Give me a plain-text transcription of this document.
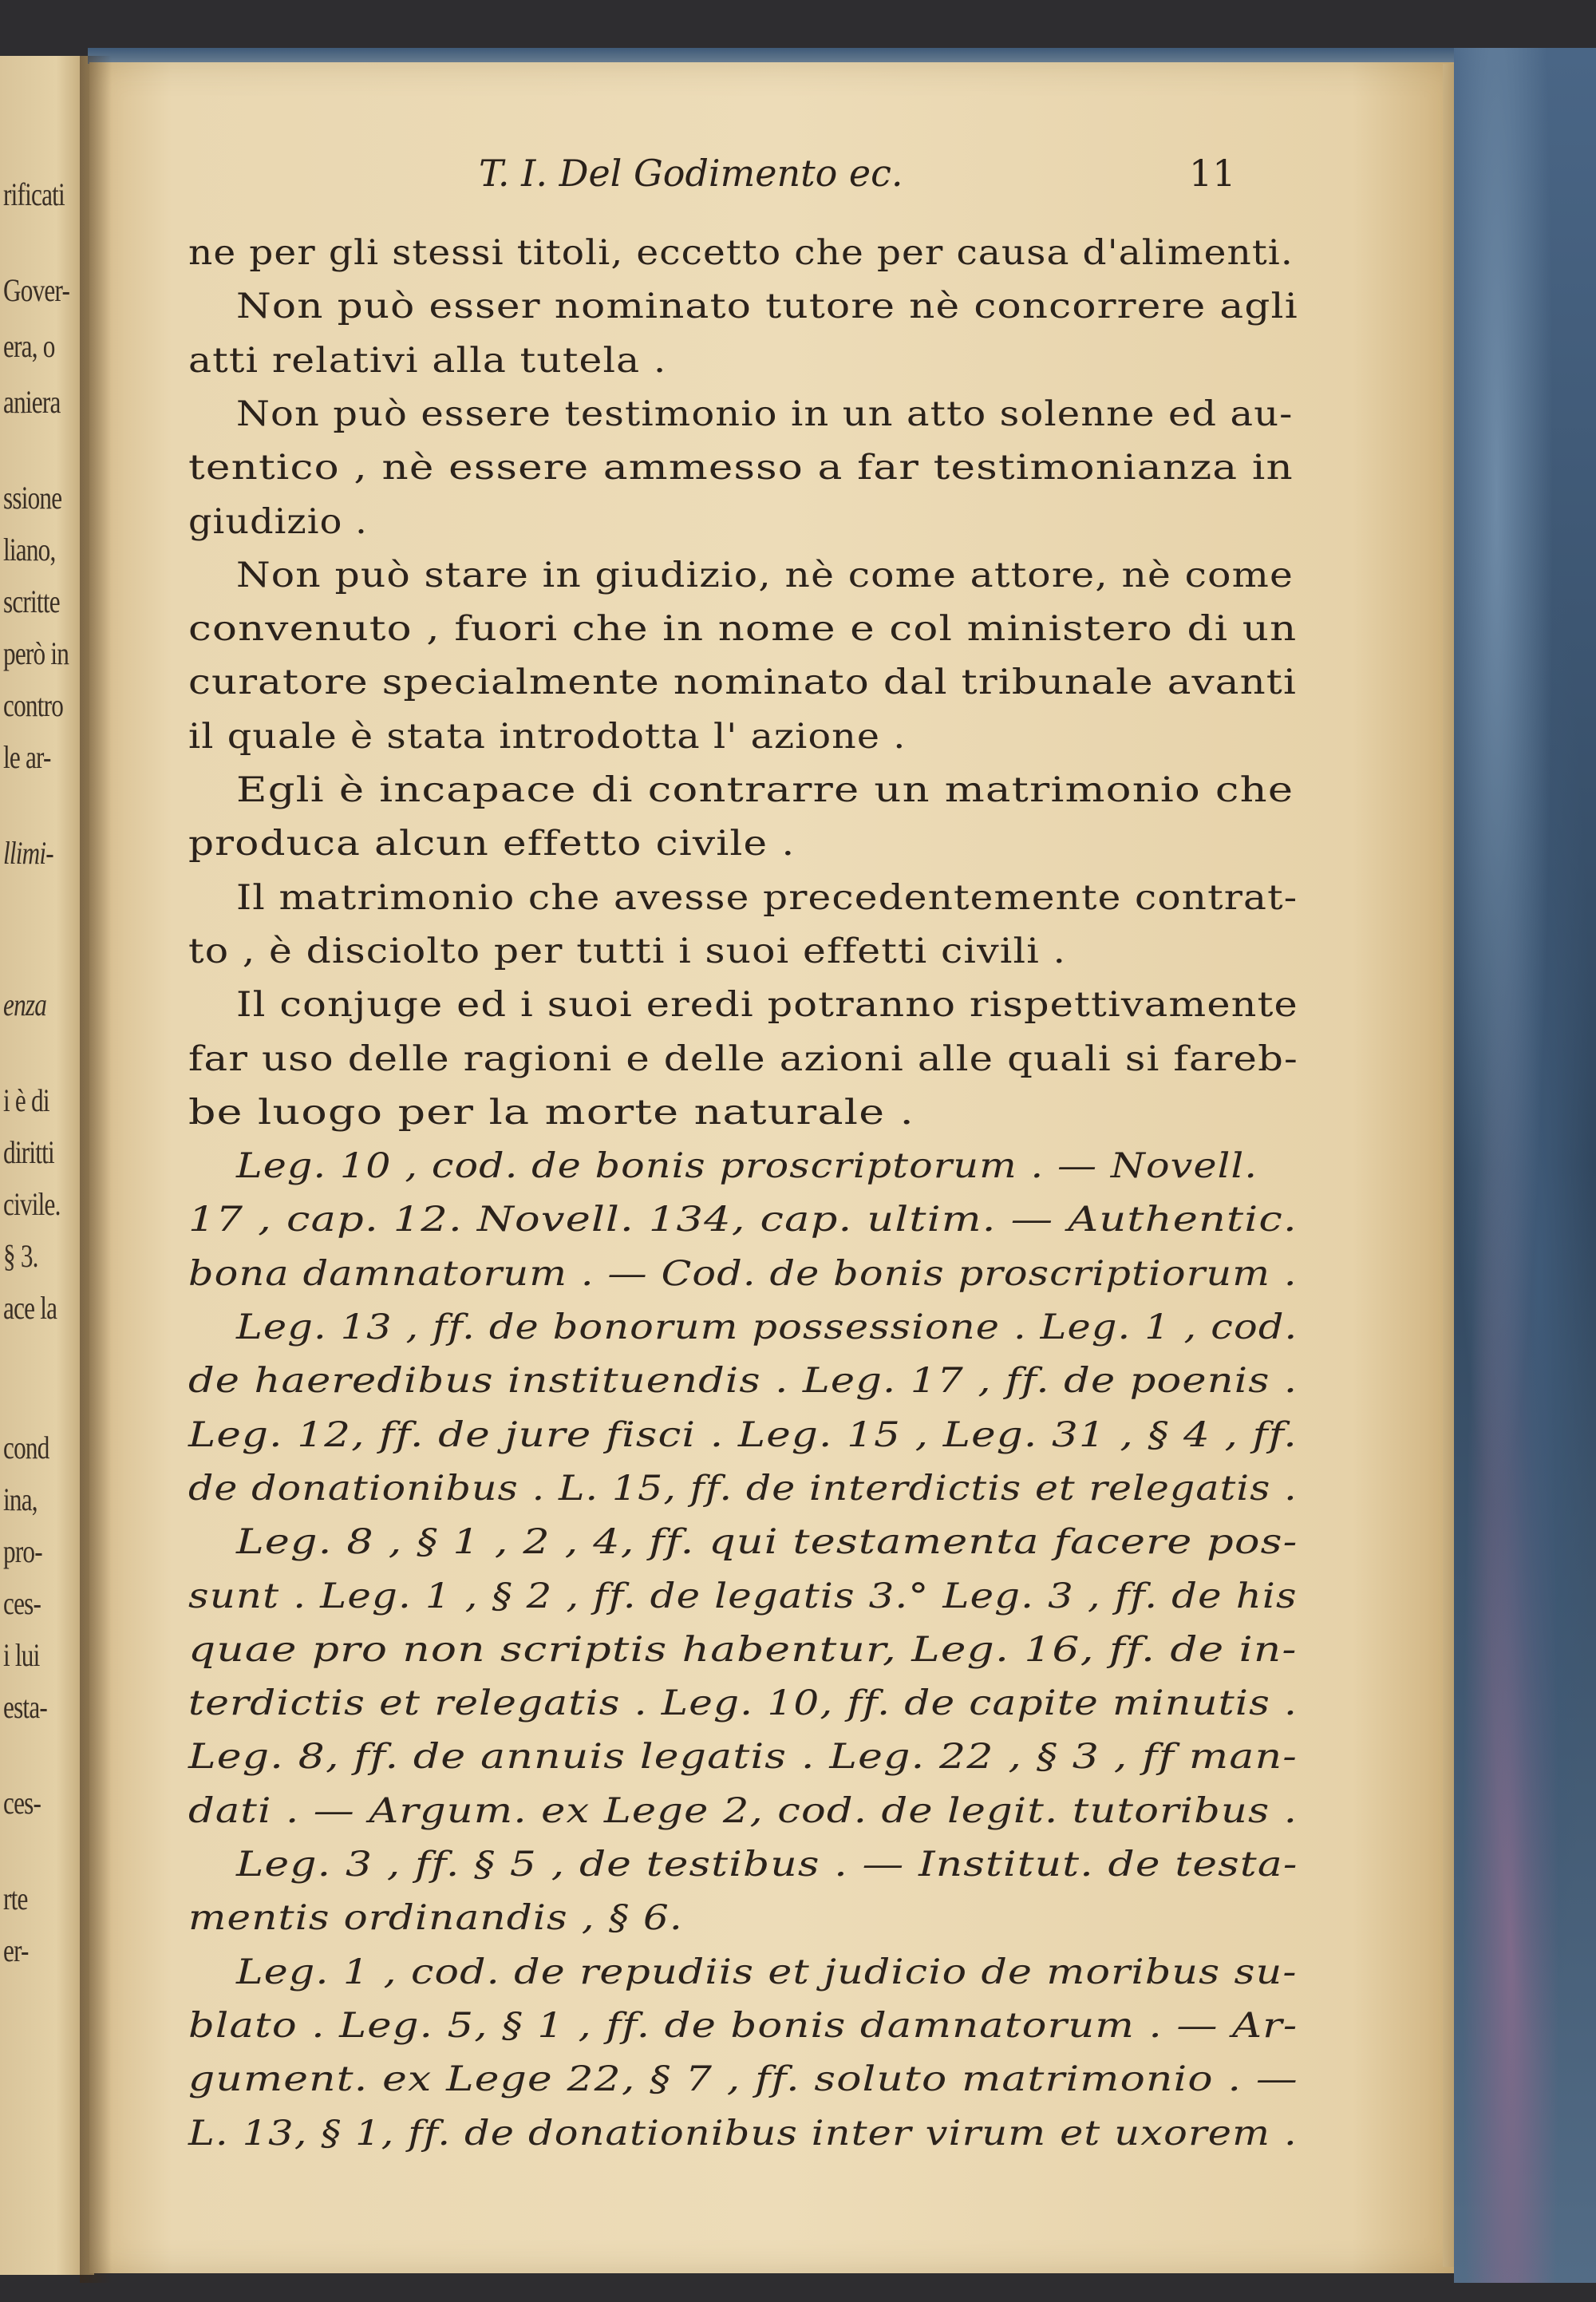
rificati
Gover-
era, o
aniera
ssione
liano,
scritte
però in
contro
le ar-
llimi-
enza
i è di
diritti
civile.
§ 3.
ace la
cond
ina,
pro-
ces-
i lui
esta-
ces-
rte
er-
T. I. Del Godimento ec.	11
ne per gli stessi titoli, eccetto che per causa d'alimenti.
Non può esser nominato tutore nè concorrere agli
atti relativi alla tutela .
Non può essere testimonio in un atto solenne ed au-
tentico , nè essere ammesso a far testimonianza in
giudizio .
Non può stare in giudizio, nè come attore, nè come
convenuto , fuori che in nome e col ministero di un
curatore specialmente nominato dal tribunale avanti
il quale è stata introdotta l' azione .
Egli è incapace di contrarre un matrimonio che
produca alcun effetto civile .
Il matrimonio che avesse precedentemente contrat-
to , è disciolto per tutti i suoi effetti civili .
Il conjuge ed i suoi eredi potranno rispettivamente
far uso delle ragioni e delle azioni alle quali si fareb-
be luogo per la morte naturale .
Leg. 10 , cod. de bonis proscriptorum . — Novell.
17 , cap. 12. Novell. 134, cap. ultim. — Authentic.
bona damnatorum . — Cod. de bonis proscriptiorum .
Leg. 13 , ff. de bonorum possessione . Leg. 1 , cod.
de haeredibus instituendis . Leg. 17 , ff. de poenis .
Leg. 12, ff. de jure fisci . Leg. 15 , Leg. 31 , § 4 , ff.
de donationibus . L. 15, ff. de interdictis et relegatis .
Leg. 8 , § 1 , 2 , 4, ff. qui testamenta facere pos-
sunt . Leg. 1 , § 2 , ff. de legatis 3.° Leg. 3 , ff. de his
quae pro non scriptis habentur, Leg. 16, ff. de in-
terdictis et relegatis . Leg. 10, ff. de capite minutis .
Leg. 8, ff. de annuis legatis . Leg. 22 , § 3 , ff man-
dati . — Argum. ex Lege 2, cod. de legit. tutoribus .
Leg. 3 , ff. § 5 , de testibus . — Institut. de testa-
mentis ordinandis , § 6.
Leg. 1 , cod. de repudiis et judicio de moribus su-
blato . Leg. 5, § 1 , ff. de bonis damnatorum . — Ar-
gument. ex Lege 22, § 7 , ff. soluto matrimonio . —
L. 13, § 1, ff. de donationibus inter virum et uxorem .
